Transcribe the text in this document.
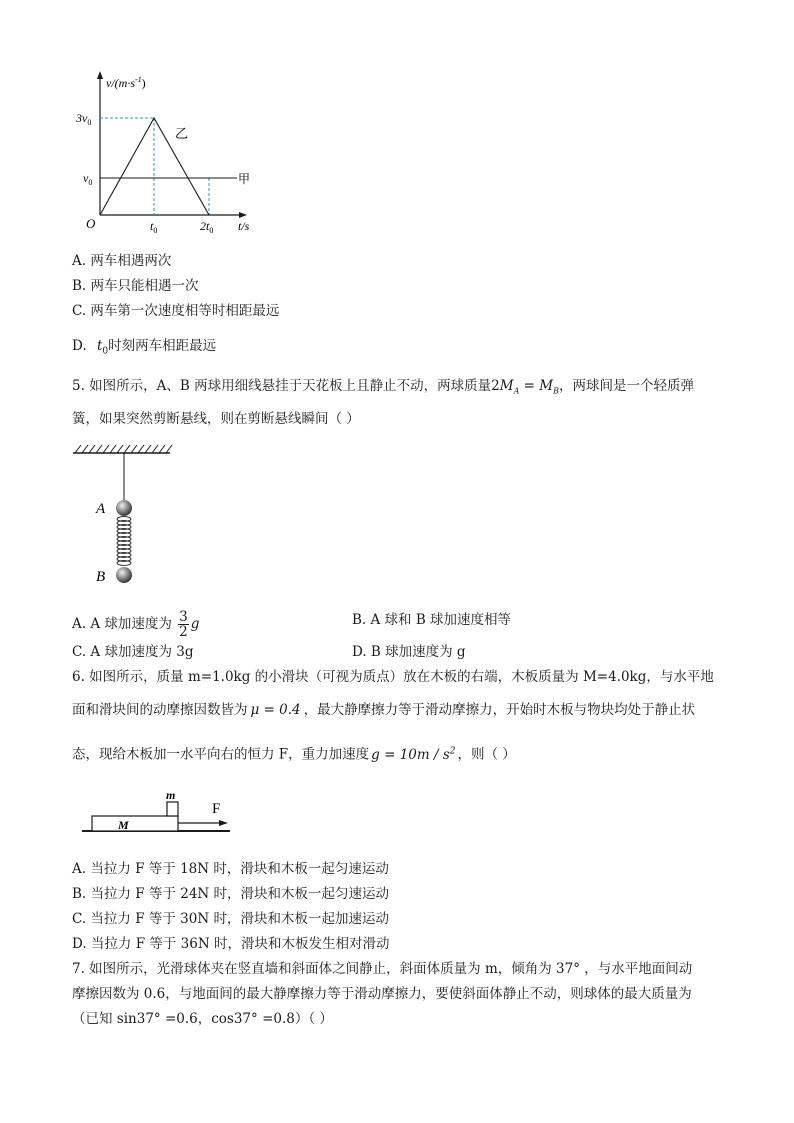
$v/(m\cdot s^{-1})$
$3v_0$
$v_0$
O	$t_0$	$2t_0$ t/s
乙
甲
A. 两车相遇两次
B. 两车只能相遇一次
C. 两车第一次速度相等时相距最远
D. $t_0$时刻两车相距最远
5. 如图所示，A、B 两球用细线悬挂于天花板上且静止不动，两球质量$2M_A = M_B$，两球间是一个轻质弹
簧，如果突然剪断悬线，则在剪断悬线瞬间（ ）
A
B
A. A 球加速度为 $\frac{3}{2}$ g	B. A 球和 B 球加速度相等
C. A 球加速度为 3g	D. B 球加速度为 g
6. 如图所示，质量 m=1.0kg 的小滑块（可视为质点）放在木板的右端，木板质量为 M=4.0kg，与水平地
面和滑块间的动摩擦因数皆为 μ = 0.4 ，最大静摩擦力等于滑动摩擦力，开始时木板与物块均处于静止状
态，现给木板加一水平向右的恒力 F，重力加速度 $g = 10m / s^2$ ，则（ ）
M
m
F
A. 当拉力 F 等于 18N 时，滑块和木板一起匀速运动
B. 当拉力 F 等于 24N 时，滑块和木板一起匀速运动
C. 当拉力 F 等于 30N 时，滑块和木板一起加速运动
D. 当拉力 F 等于 36N 时，滑块和木板发生相对滑动
7. 如图所示，光滑球体夹在竖直墙和斜面体之间静止，斜面体质量为 m，倾角为 37° ，与水平地面间动
摩擦因数为 0.6，与地面间的最大静摩擦力等于滑动摩擦力，要使斜面体静止不动，则球体的最大质量为
（已知 sin37° =0.6，cos37° =0.8）（ ）
